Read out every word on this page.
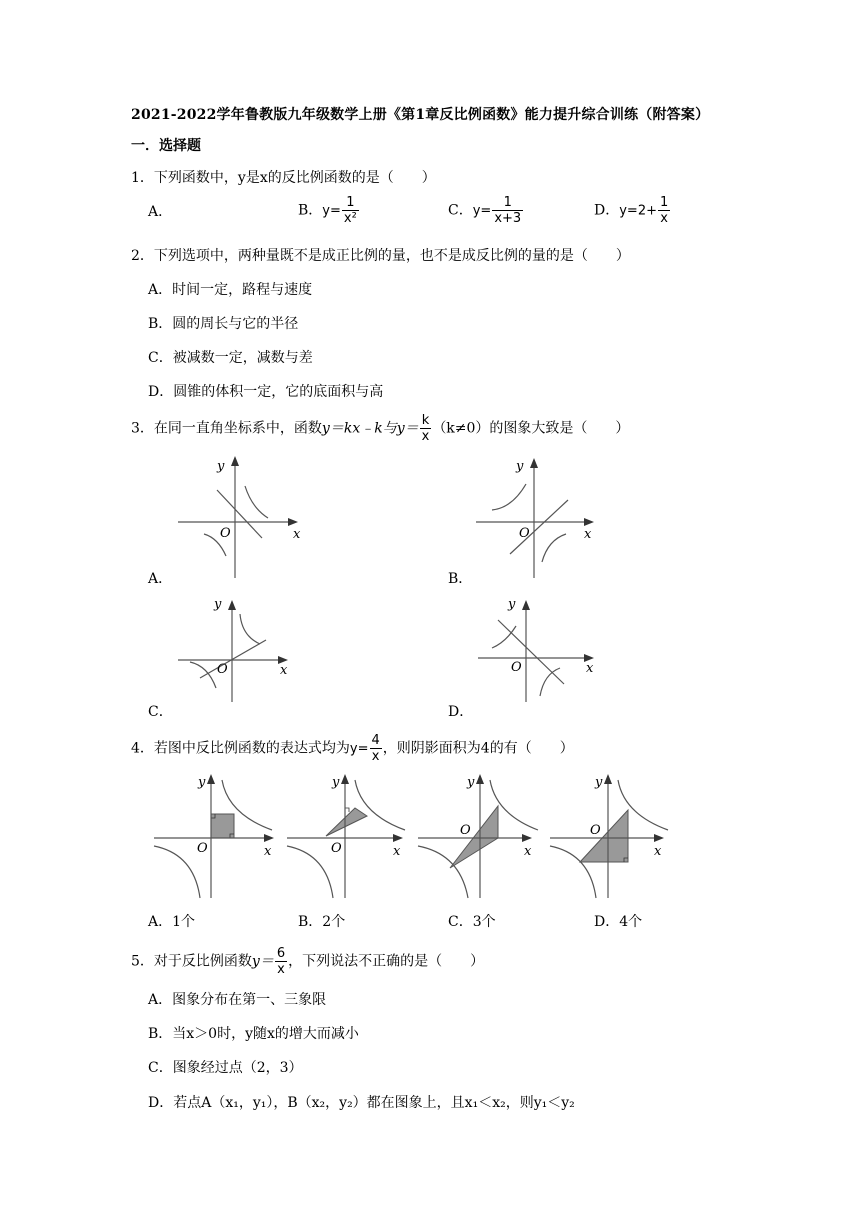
2021-2022学年鲁教版九年级数学上册《第1章反比例函数》能力提升综合训练（附答案）
一．选择题
1．下列函数中，y是x的反比例函数的是（　　）
A．	B．$y= \frac{1}{\text{x²}}$	C．$y= \frac{1}{x+3}$	D．$y=2+ \frac{1}{x}$
2．下列选项中，两种量既不是成正比例的量，也不是成反比例的量的是（　　）
A．时间一定，路程与速度
B．圆的周长与它的半径
C．被减数一定，减数与差
D．圆锥的体积一定，它的底面积与高
3．在同一直角坐标系中，函数y＝kx﹣k与$y= \frac{k}{x} (k\ne 0)$的图象大致是（　　）
y
x
O
A．
y
x
O
B．
y
x
O
C．
y
x
O
D．
4．若图中反比例函数的表达式均为$y= \frac{4}{x}$ ，则阴影面积为4的有（　　）
y
x
O
y
x
O
y
x
O
y
x
O
A．1个	B．2个	C．3个	D．4个
5．对于反比例函数$y= \frac{6}{x}$ ，下列说法不正确的是（　　）
A．图象分布在第一、三象限
B．当x＞0时，y随x的增大而减小
C．图象经过点（2，3）
D．若点A（x₁，y₁），B（x₂，y₂）都在图象上，且x₁＜x₂，则y₁＜y₂
